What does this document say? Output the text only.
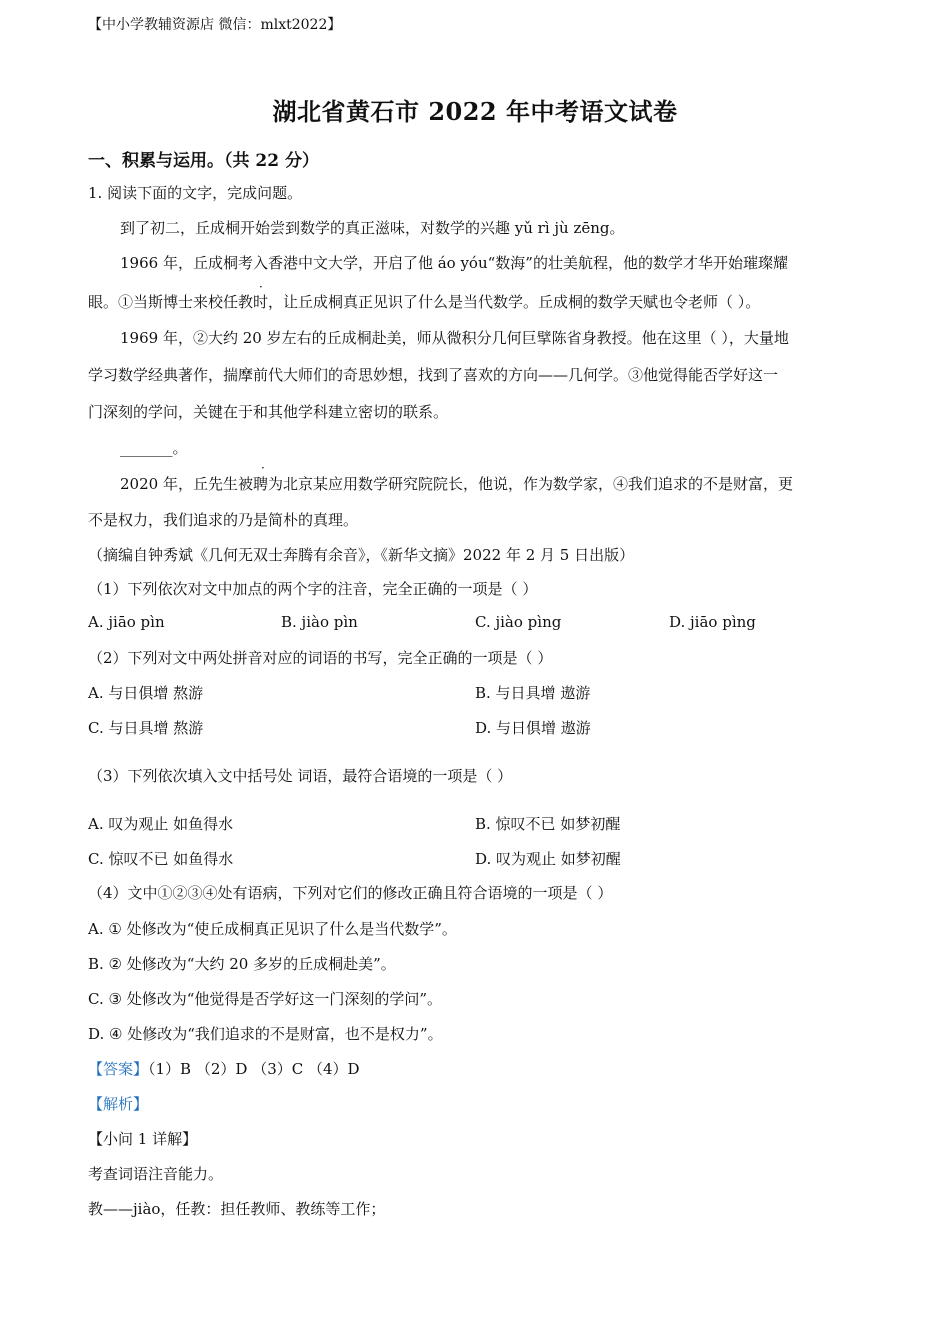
【中小学教辅资源店 微信：mlxt2022】
湖北省黄石市 2022 年中考语文试卷
一、积累与运用。（共 22 分）
1. 阅读下面的文字，完成问题。
到了初二，丘成桐开始尝到数学的真正滋味，对数学的兴趣 yǔ rì jù zēng。
1966 年，丘成桐考入香港中文大学，开启了他 áo yóu“数海”的壮美航程，他的数学才华开始璀璨耀
眼。①当斯博士来校任教时，让丘成桐真正见识了什么是当代数学。丘成桐的数学天赋也令老师（ ）。
·
1969 年，②大约 20 岁左右的丘成桐赴美，师从微积分几何巨擘陈省身教授。他在这里（ ），大量地
学习数学经典著作，揣摩前代大师们的奇思妙想，找到了喜欢的方向——几何学。③他觉得能否学好这一
门深刻的学问，关键在于和其他学科建立密切的联系。
_______。
·
2020 年，丘先生被聘为北京某应用数学研究院院长，他说，作为数学家，④我们追求的不是财富，更
不是权力，我们追求的乃是简朴的真理。
（摘编自钟秀斌《几何无双士奔腾有余音》，《新华文摘》2022 年 2 月 5 日出版）
（1）下列依次对文中加点的两个字的注音，完全正确的一项是（ ）
A. jiāo pìn	B. jiào pìn	C. jiào pìng	D. jiāo pìng
（2）下列对文中两处拼音对应的词语的书写，完全正确的一项是（ ）
A. 与日俱增 熬游	B. 与日具增 遨游
C. 与日具增 熬游	D. 与日俱增 遨游
（3）下列依次填入文中括号处 词语，最符合语境的一项是（ ）
A. 叹为观止 如鱼得水	B. 惊叹不已 如梦初醒
C. 惊叹不已 如鱼得水	D. 叹为观止 如梦初醒
（4）文中①②③④处有语病，下列对它们的修改正确且符合语境的一项是（ ）
A. ① 处修改为“使丘成桐真正见识了什么是当代数学”。
B. ② 处修改为“大约 20 多岁的丘成桐赴美”。
C. ③ 处修改为“他觉得是否学好这一门深刻的学问”。
D. ④ 处修改为“我们追求的不是财富，也不是权力”。
【答案】（1）B （2）D （3）C （4）D
【解析】
【小问 1 详解】
考查词语注音能力。
教——jiào，任教：担任教师、教练等工作；
